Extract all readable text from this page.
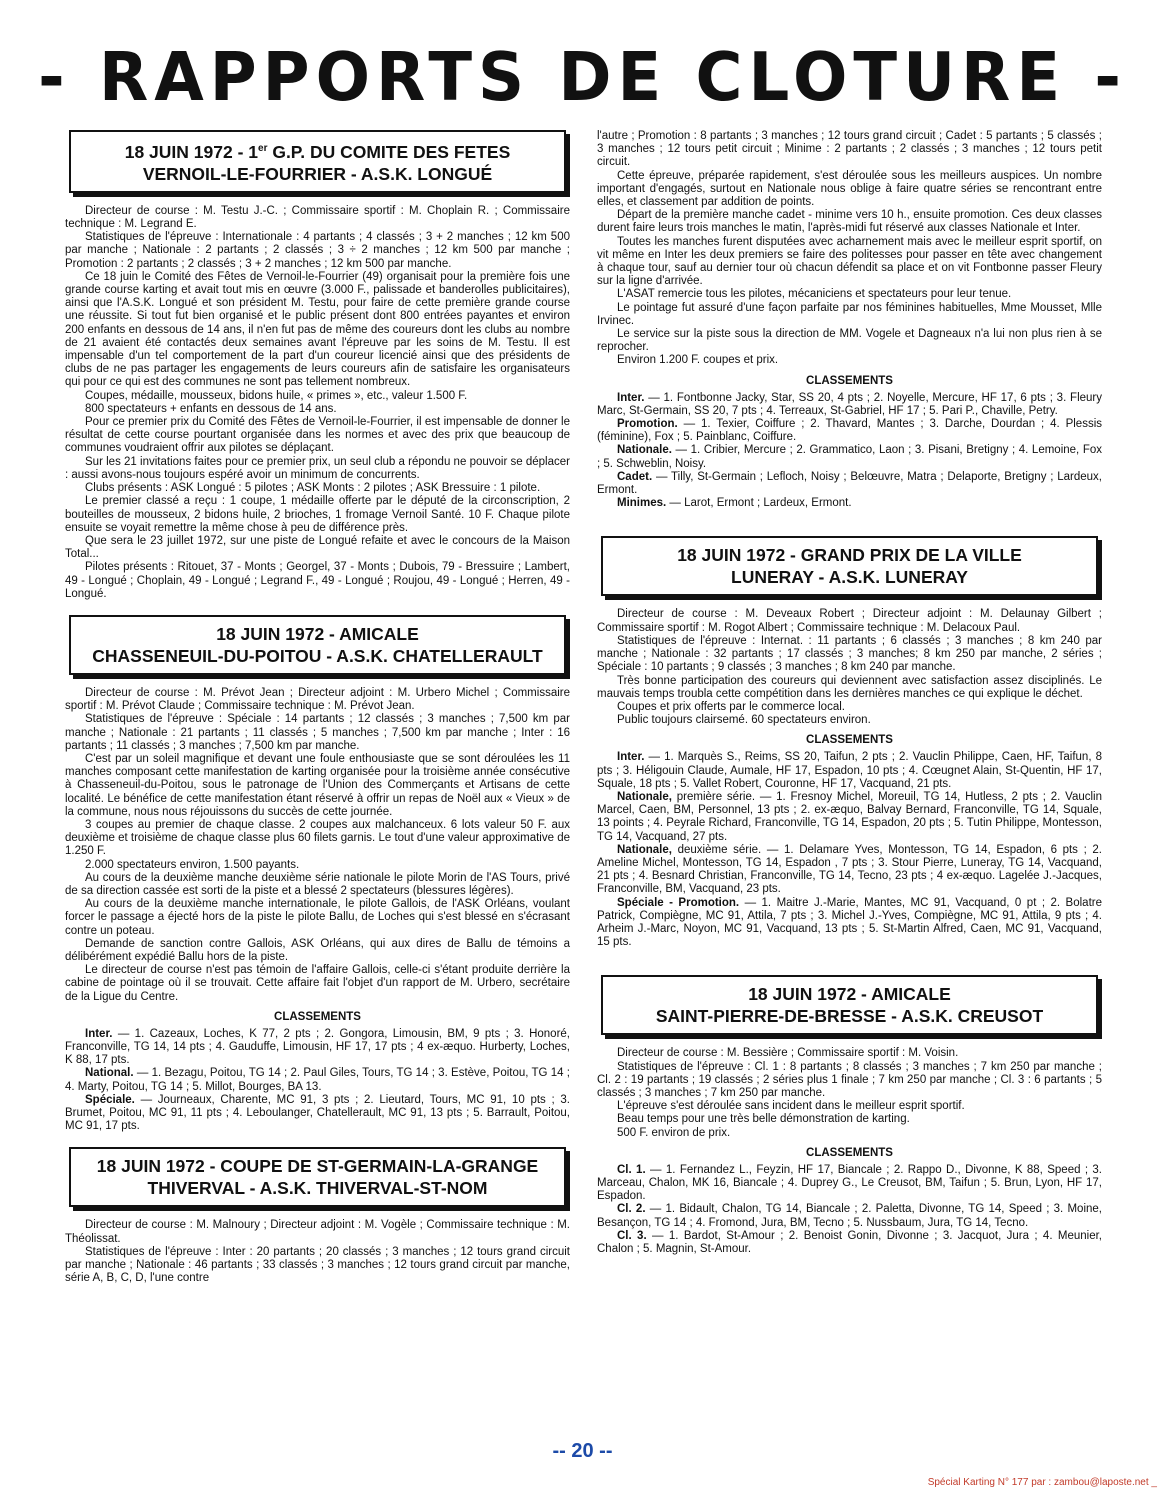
- RAPPORTS DE CLOTURE -
18 JUIN 1972 - 1er G.P. DU COMITE DES FETES
VERNOIL-LE-FOURRIER - A.S.K. LONGUÉ

Directeur de course : M. Testu J.-C. ; Commissaire sportif : M. Choplain R. ; Commissaire technique : M. Legrand E.

Statistiques de l'épreuve : Internationale : 4 partants ; 4 classés ; 3 + 2 manches ; 12 km 500 par manche ; Nationale : 2 partants ; 2 classés ; 3 ÷ 2 manches ; 12 km 500 par manche ; Promotion : 2 partants ; 2 classés ; 3 + 2 manches ; 12 km 500 par manche.

Ce 18 juin le Comité des Fêtes de Vernoil-le-Fourrier (49) organisait pour la première fois une grande course karting et avait tout mis en œuvre (3.000 F., palissade et banderolles publicitaires), ainsi que l'A.S.K. Longué et son président M. Testu, pour faire de cette première grande course une réussite. Si tout fut bien organisé et le public présent dont 800 entrées payantes et environ 200 enfants en dessous de 14 ans, il n'en fut pas de même des coureurs dont les clubs au nombre de 21 avaient été contactés deux semaines avant l'épreuve par les soins de M. Testu. Il est impensable d'un tel comportement de la part d'un coureur licencié ainsi que des présidents de clubs de ne pas partager les engagements de leurs coureurs afin de satisfaire les organisateurs qui pour ce qui est des communes ne sont pas tellement nombreux.

Coupes, médaille, mousseux, bidons huile, « primes », etc., valeur 1.500 F.

800 spectateurs + enfants en dessous de 14 ans.

Pour ce premier prix du Comité des Fêtes de Vernoil-le-Fourrier, il est impensable de donner le résultat de cette course pourtant organisée dans les normes et avec des prix que beaucoup de communes voudraient offrir aux pilotes se déplaçant.

Sur les 21 invitations faites pour ce premier prix, un seul club a répondu ne pouvoir se déplacer : aussi avons-nous toujours espéré avoir un minimum de concurrents.

Clubs présents : ASK Longué : 5 pilotes ; ASK Monts : 2 pilotes ; ASK Bressuire : 1 pilote.

Le premier classé a reçu : 1 coupe, 1 médaille offerte par le député de la circonscription, 2 bouteilles de mousseux, 2 bidons huile, 2 brioches, 1 fromage Vernoil Santé. 10 F. Chaque pilote ensuite se voyait remettre la même chose à peu de différence près.

Que sera le 23 juillet 1972, sur une piste de Longué refaite et avec le concours de la Maison Total...

Pilotes présents : Ritouet, 37 - Monts ; Georgel, 37 - Monts ; Dubois, 79 - Bressuire ; Lambert, 49 - Longué ; Choplain, 49 - Longué ; Legrand F., 49 - Longué ; Roujou, 49 - Longué ; Herren, 49 - Longué.

18 JUIN 1972 - AMICALE
CHASSENEUIL-DU-POITOU - A.S.K. CHATELLERAULT

Directeur de course : M. Prévot Jean ; Directeur adjoint : M. Urbero Michel ; Commissaire sportif : M. Prévot Claude ; Commissaire technique : M. Prévot Jean.

Statistiques de l'épreuve : Spéciale : 14 partants ; 12 classés ; 3 manches ; 7,500 km par manche ; Nationale : 21 partants ; 11 classés ; 5 manches ; 7,500 km par manche ; Inter : 16 partants ; 11 classés ; 3 manches ; 7,500 km par manche.

C'est par un soleil magnifique et devant une foule enthousiaste que se sont déroulées les 11 manches composant cette manifestation de karting organisée pour la troisième année consécutive à Chasseneuil-du-Poitou, sous le patronage de l'Union des Commerçants et Artisans de cette localité. Le bénéfice de cette manifestation étant réservé à offrir un repas de Noël aux « Vieux » de la commune, nous nous réjouissons du succès de cette journée.

3 coupes au premier de chaque classe. 2 coupes aux malchanceux. 6 lots valeur 50 F. aux deuxième et troisième de chaque classe plus 60 filets garnis. Le tout d'une valeur approximative de 1.250 F.

2.000 spectateurs environ, 1.500 payants.

Au cours de la deuxième manche deuxième série nationale le pilote Morin de l'AS Tours, privé de sa direction cassée est sorti de la piste et a blessé 2 spectateurs (blessures légères).

Au cours de la deuxième manche internationale, le pilote Gallois, de l'ASK Orléans, voulant forcer le passage a éjecté hors de la piste le pilote Ballu, de Loches qui s'est blessé en s'écrasant contre un poteau.

Demande de sanction contre Gallois, ASK Orléans, qui aux dires de Ballu de témoins a délibérément expédié Ballu hors de la piste.

Le directeur de course n'est pas témoin de l'affaire Gallois, celle-ci s'étant produite derrière la cabine de pointage où il se trouvait. Cette affaire fait l'objet d'un rapport de M. Urbero, secrétaire de la Ligue du Centre.

CLASSEMENTS

Inter. — 1. Cazeaux, Loches, K 77, 2 pts ; 2. Gongora, Limousin, BM, 9 pts ; 3. Honoré, Franconville, TG 14, 14 pts ; 4. Gauduffe, Limousin, HF 17, 17 pts ; 4 ex-æquo. Hurberty, Loches, K 88, 17 pts.

National. — 1. Bezagu, Poitou, TG 14 ; 2. Paul Giles, Tours, TG 14 ; 3. Estève, Poitou, TG 14 ; 4. Marty, Poitou, TG 14 ; 5. Millot, Bourges, BA 13.

Spéciale. — Journeaux, Charente, MC 91, 3 pts ; 2. Lieutard, Tours, MC 91, 10 pts ; 3. Brumet, Poitou, MC 91, 11 pts ; 4. Leboulanger, Chatellerault, MC 91, 13 pts ; 5. Barrault, Poitou, MC 91, 17 pts.

18 JUIN 1972 - COUPE DE ST-GERMAIN-LA-GRANGE
THIVERVAL - A.S.K. THIVERVAL-ST-NOM

Directeur de course : M. Malnoury ; Directeur adjoint : M. Vogèle ; Commissaire technique : M. Théolissat.

Statistiques de l'épreuve : Inter : 20 partants ; 20 classés ; 3 manches ; 12 tours grand circuit par manche ; Nationale : 46 partants ; 33 classés ; 3 manches ; 12 tours grand circuit par manche, série A, B, C, D, l'une contre

l'autre ; Promotion : 8 partants ; 3 manches ; 12 tours grand circuit ; Cadet : 5 partants ; 5 classés ; 3 manches ; 12 tours petit circuit ; Minime : 2 partants ; 2 classés ; 3 manches ; 12 tours petit circuit.

Cette épreuve, préparée rapidement, s'est déroulée sous les meilleurs auspices. Un nombre important d'engagés, surtout en Nationale nous oblige à faire quatre séries se rencontrant entre elles, et classement par addition de points.

Départ de la première manche cadet - minime vers 10 h., ensuite promotion. Ces deux classes durent faire leurs trois manches le matin, l'après-midi fut réservé aux classes Nationale et Inter.

Toutes les manches furent disputées avec acharnement mais avec le meilleur esprit sportif, on vit même en Inter les deux premiers se faire des politesses pour passer en tête avec changement à chaque tour, sauf au dernier tour où chacun défendit sa place et on vit Fontbonne passer Fleury sur la ligne d'arrivée.

L'ASAT remercie tous les pilotes, mécaniciens et spectateurs pour leur tenue.

Le pointage fut assuré d'une façon parfaite par nos féminines habituelles, Mme Mousset, Mlle Irvinec.

Le service sur la piste sous la direction de MM. Vogele et Dagneaux n'a lui non plus rien à se reprocher.

Environ 1.200 F. coupes et prix.

CLASSEMENTS

Inter. — 1. Fontbonne Jacky, Star, SS 20, 4 pts ; 2. Noyelle, Mercure, HF 17, 6 pts ; 3. Fleury Marc, St-Germain, SS 20, 7 pts ; 4. Terreaux, St-Gabriel, HF 17 ; 5. Pari P., Chaville, Petry.

Promotion. — 1. Texier, Coiffure ; 2. Thavard, Mantes ; 3. Darche, Dourdan ; 4. Plessis (féminine), Fox ; 5. Painblanc, Coiffure.

Nationale. — 1. Cribier, Mercure ; 2. Grammatico, Laon ; 3. Pisani, Bretigny ; 4. Lemoine, Fox ; 5. Schweblin, Noisy.

Cadet. — Tilly, St-Germain ; Lefloch, Noisy ; Belœuvre, Matra ; Delaporte, Bretigny ; Lardeux, Ermont.

Minimes. — Larot, Ermont ; Lardeux, Ermont.

18 JUIN 1972 - GRAND PRIX DE LA VILLE
LUNERAY - A.S.K. LUNERAY

Directeur de course : M. Deveaux Robert ; Directeur adjoint : M. Delaunay Gilbert ; Commissaire sportif : M. Rogot Albert ; Commissaire technique : M. Delacoux Paul.

Statistiques de l'épreuve : Internat. : 11 partants ; 6 classés ; 3 manches ; 8 km 240 par manche ; Nationale : 32 partants ; 17 classés ; 3 manches; 8 km 250 par manche, 2 séries ; Spéciale : 10 partants ; 9 classés ; 3 manches ; 8 km 240 par manche.

Très bonne participation des coureurs qui deviennent avec satisfaction assez disciplinés. Le mauvais temps troubla cette compétition dans les dernières manches ce qui explique le déchet.

Coupes et prix offerts par le commerce local.

Public toujours clairsemé. 60 spectateurs environ.

CLASSEMENTS

Inter. — 1. Marquès S., Reims, SS 20, Taifun, 2 pts ; 2. Vauclin Philippe, Caen, HF, Taifun, 8 pts ; 3. Héligouin Claude, Aumale, HF 17, Espadon, 10 pts ; 4. Cœugnet Alain, St-Quentin, HF 17, Squale, 18 pts ; 5. Vallet Robert, Couronne, HF 17, Vacquand, 21 pts.

Nationale, première série. — 1. Fresnoy Michel, Moreuil, TG 14, Hutless, 2 pts ; 2. Vauclin Marcel, Caen, BM, Personnel, 13 pts ; 2. ex-æquo, Balvay Bernard, Franconville, TG 14, Squale, 13 points ; 4. Peyrale Richard, Franconville, TG 14, Espadon, 20 pts ; 5. Tutin Philippe, Montesson, TG 14, Vacquand, 27 pts.

Nationale, deuxième série. — 1. Delamare Yves, Montesson, TG 14, Espadon, 6 pts ; 2. Ameline Michel, Montesson, TG 14, Espadon , 7 pts ; 3. Stour Pierre, Luneray, TG 14, Vacquand, 21 pts ; 4. Besnard Christian, Franconville, TG 14, Tecno, 23 pts ; 4 ex-æquo. Lagelée J.-Jacques, Franconville, BM, Vacquand, 23 pts.

Spéciale - Promotion. — 1. Maitre J.-Marie, Mantes, MC 91, Vacquand, 0 pt ; 2. Bolatre Patrick, Compiègne, MC 91, Attila, 7 pts ; 3. Michel J.-Yves, Compiègne, MC 91, Attila, 9 pts ; 4. Arheim J.-Marc, Noyon, MC 91, Vacquand, 13 pts ; 5. St-Martin Alfred, Caen, MC 91, Vacquand, 15 pts.

18 JUIN 1972 - AMICALE
SAINT-PIERRE-DE-BRESSE - A.S.K. CREUSOT

Directeur de course : M. Bessière ; Commissaire sportif : M. Voisin.

Statistiques de l'épreuve : Cl. 1 : 8 partants ; 8 classés ; 3 manches ; 7 km 250 par manche ; Cl. 2 : 19 partants ; 19 classés ; 2 séries plus 1 finale ; 7 km 250 par manche ; Cl. 3 : 6 partants ; 5 classés ; 3 manches ; 7 km 250 par manche.

L'épreuve s'est déroulée sans incident dans le meilleur esprit sportif.

Beau temps pour une très belle démonstration de karting.

500 F. environ de prix.

CLASSEMENTS

Cl. 1. — 1. Fernandez L., Feyzin, HF 17, Biancale ; 2. Rappo D., Divonne, K 88, Speed ; 3. Marceau, Chalon, MK 16, Biancale ; 4. Duprey G., Le Creusot, BM, Taifun ; 5. Brun, Lyon, HF 17, Espadon.

Cl. 2. — 1. Bidault, Chalon, TG 14, Biancale ; 2. Paletta, Divonne, TG 14, Speed ; 3. Moine, Besançon, TG 14 ; 4. Fromond, Jura, BM, Tecno ; 5. Nussbaum, Jura, TG 14, Tecno.

Cl. 3. — 1. Bardot, St-Amour ; 2. Benoist Gonin, Divonne ; 3. Jacquot, Jura ; 4. Meunier, Chalon ; 5. Magnin, St-Amour.

-- 20 --
Spécial Karting N° 177 par : zambou@laposte.net _
